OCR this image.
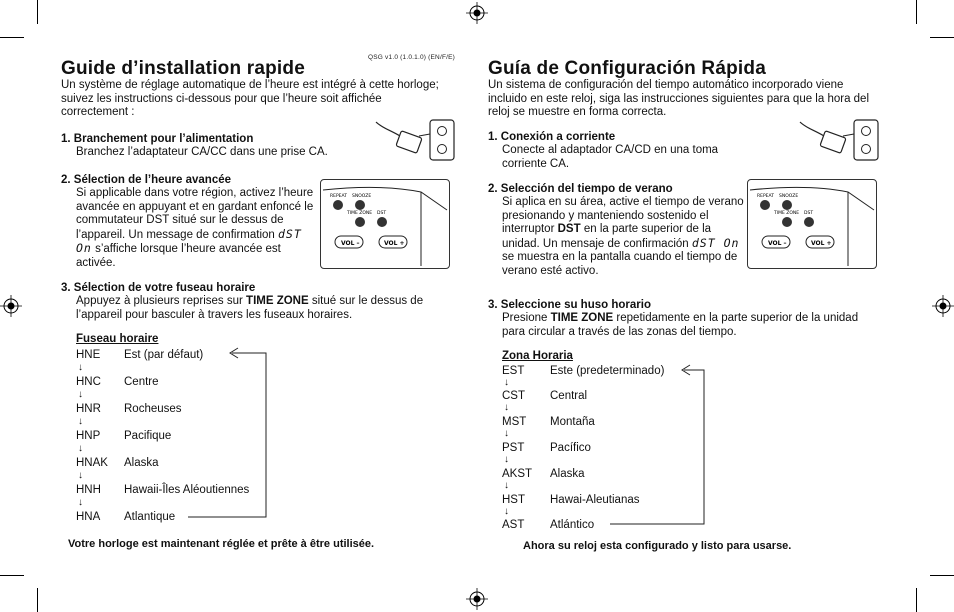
QSG v1.0 (1.0.1.0) (EN/F/E)
Guide d’installation rapide
Un système de réglage automatique de l’heure est intégré à cette horloge; suivez les instructions ci-dessous pour que l’heure soit affichée correctement :
1. Branchement pour l’alimentation
Branchez l’adaptateur CA/CC dans une prise CA.
2. Sélection de l’heure avancée
Si applicable dans votre région, activez l’heure avancée en appuyant et en gardant enfoncé le commutateur DST situé sur le dessus de l’appareil. Un message de confirmation dST On s’affiche lorsque l’heure avancée est activée.
REPEAT SNOOZE
TIME ZONE DST
VOL –	VOL +
3. Sélection de votre fuseau horaire
Appuyez à plusieurs reprises sur TIME ZONE situé sur le dessus de l’appareil pour basculer à travers les fuseaux horaires.
Fuseau horaire
HNE Est (par défaut)
↓
HNC Centre
↓
HNR Rocheuses
↓
HNP Pacifique
↓
HNAK Alaska
↓
HNH Hawaii-Îles Aléoutiennes
↓
HNA Atlantique
Votre horloge est maintenant réglée et prête à être utilisée.
Guía de Configuración Rápida
Un sistema de configuración del tiempo automático incorporado viene incluido en este reloj, siga las instrucciones siguientes para que la hora del reloj se muestre en forma correcta.
1. Conexión a corriente
Conecte al adaptador CA/CD en una toma corriente CA.
2. Selección del tiempo de verano
Si aplica en su área, active el tiempo de verano presionando y manteniendo sostenido el interruptor DST en la parte superior de la unidad. Un mensaje de confirmación dST On se muestra en la pantalla cuando el tiempo de verano esté activo.
REPEAT SNOOZE
TIME ZONE DST
VOL –	VOL +
3. Seleccione su huso horario
Presione TIME ZONE repetidamente en la parte superior de la unidad para circular a través de las zonas del tiempo.
Zona Horaria
EST Este (predeterminado)
↓
CST Central
↓
MST Montaña
↓
PST Pacífico
↓
AKST Alaska
↓
HST Hawai-Aleutianas
↓
AST Atlántico
Ahora su reloj esta configurado y listo para usarse.
